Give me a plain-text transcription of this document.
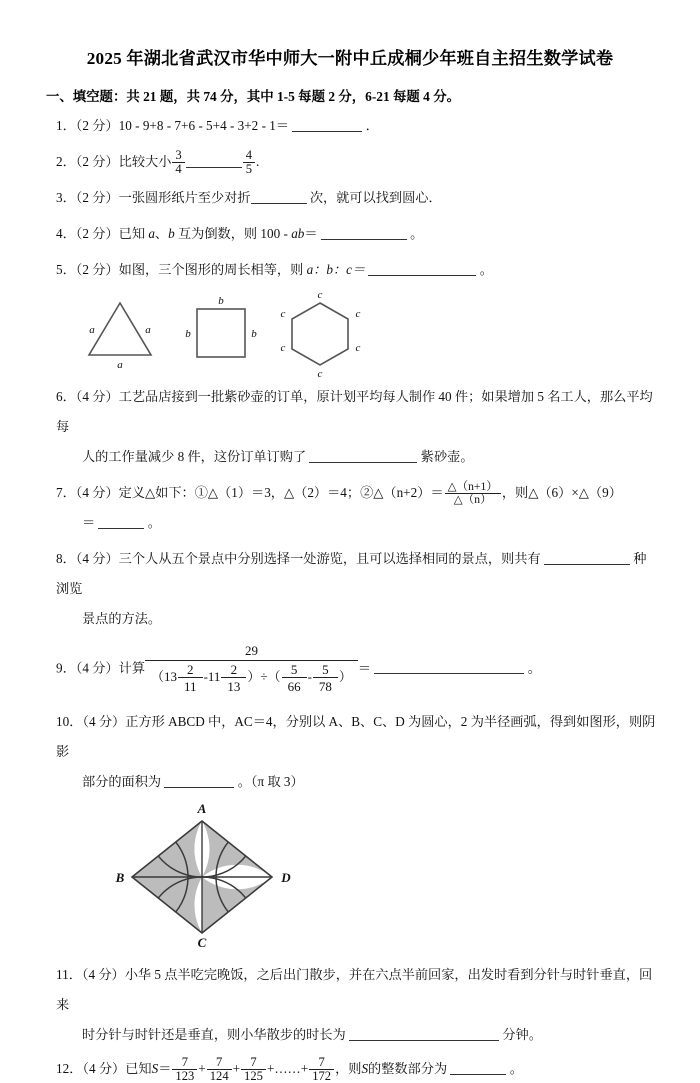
2025 年湖北省武汉市华中师大一附中丘成桐少年班自主招生数学试卷
一、填空题：共 21 题，共 74 分，其中 1-5 每题 2 分，6-21 每题 4 分。
1．（2 分）10 - 9+8 - 7+6 - 5+4 - 3+2 - 1＝	．
2．（2 分）比较大小 $\frac{3}{4}$	$\frac{4}{5}$ .
3．（2 分）一张圆形纸片至少对折	次，就可以找到圆心．
4．（2 分）已知 a、b 互为倒数，则 100 - ab＝	。
5．（2 分）如图，三个图形的周长相等，则 a：b：c＝	。
a	a
a
b
b	b
c
c	c
c	c
c
6．（4 分）工艺品店接到一批紫砂壶的订单，原计划平均每人制作 40 件；如果增加 5 名工人，那么平均每
人的工作量减少 8 件，这份订单订购了	紫砂壶。
7．（4 分）定义△如下：①△（1）＝3，△（2）＝4；②△（n+2）＝ $\frac{\triangle(n+1)}{\triangle(n)}$ ，则△（6）×△（9）
＝	。
8．（4 分）三个人从五个景点中分别选择一处游览，且可以选择相同的景点，则共有	种浏览
景点的方法。
9．（4 分）计算 $\frac{29}{(13 \frac{2}{11} -11 \frac{2}{13} )\div( \frac{5}{66} - \frac{5}{78} )}$ ＝	。
10．（4 分）正方形 ABCD 中，AC＝4，分别以 A、B、C、D 为圆心，2 为半径画弧，得到如图形，则阴影
部分的面积为	。（π 取 3）
A
B
C
D
11．（4 分）小华 5 点半吃完晚饭，之后出门散步，并在六点半前回家，出发时看到分针与时针垂直，回来
时分针与时针还是垂直，则小华散步的时长为	分钟。
12．（4 分）已知$S= \frac{7}{123} + \frac{7}{124} + \frac{7}{125}$ +……+ $\frac{7}{172}$ ，则S的整数部分为	。
